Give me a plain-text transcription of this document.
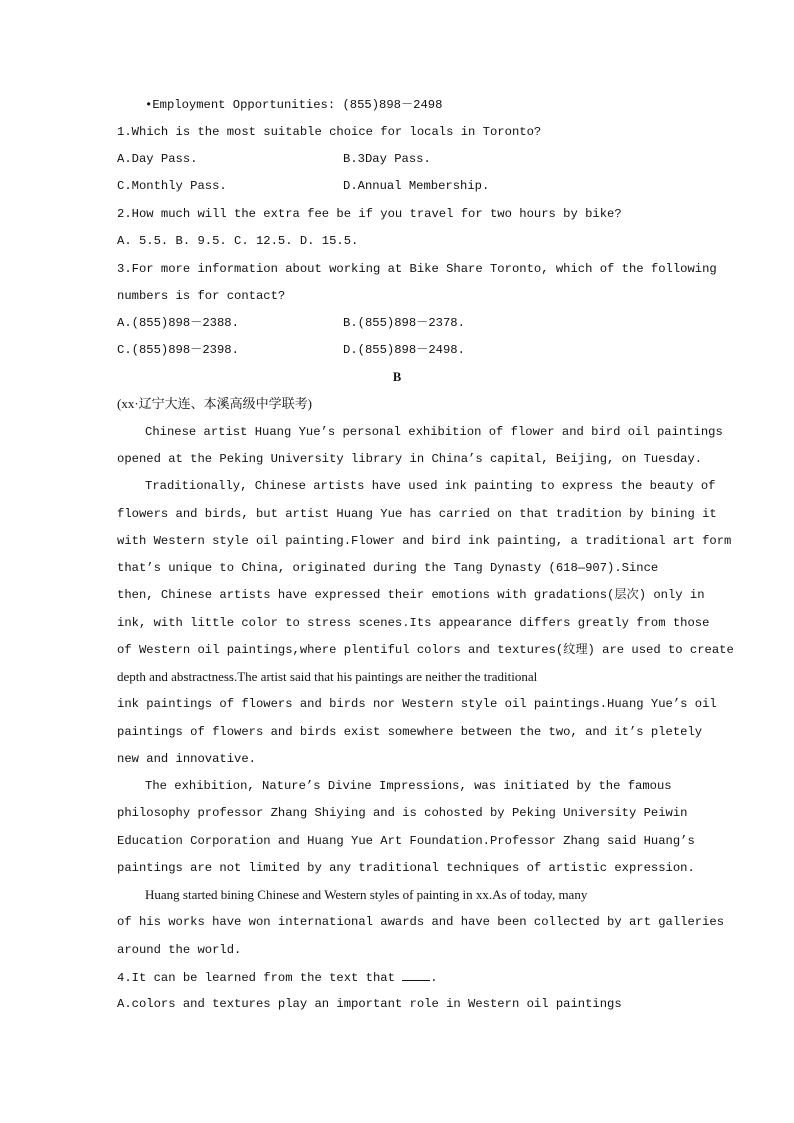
•Employment Opportunities: (855)898－2498
1.Which is the most suitable choice for locals in Toronto?
A.Day Pass.	B.3Day Pass.
C.Monthly Pass.	D.Annual Membership.
2.How much will the extra fee be if you travel for two hours by bike?
A. 5.5. B. 9.5. C. 12.5. D. 15.5.
3.For more information about working at Bike Share Toronto, which of the following
numbers is for contact?
A.(855)898－2388.	B.(855)898－2378.
C.(855)898－2398.	D.(855)898－2498.
B
(xx·辽宁大连、本溪高级中学联考)
Chinese artist Huang Yue’s personal exhibition of flower and bird oil paintings
opened at the Peking University library in China’s capital, Beijing, on Tuesday.
Traditionally, Chinese artists have used ink painting to express the beauty of
flowers and birds, but artist Huang Yue has carried on that tradition by bining it
with Western style oil painting.Flower and bird ink painting, a traditional art form
that’s unique to China, originated during the Tang Dynasty (618—907).Since
then, Chinese artists have expressed their emotions with gradations(层次) only in
ink, with little color to stress scenes.Its appearance differs greatly from those
of Western oil paintings,where plentiful colors and textures(纹理) are used to create
depth and abstractness.The artist said that his paintings are neither the traditional
ink paintings of flowers and birds nor Western style oil paintings.Huang Yue’s oil
paintings of flowers and birds exist somewhere between the two, and it’s pletely
new and innovative.
The exhibition, Nature’s Divine Impressions, was initiated by the famous
philosophy professor Zhang Shiying and is cohosted by Peking University Peiwin
Education Corporation and Huang Yue Art Foundation.Professor Zhang said Huang’s
paintings are not limited by any traditional techniques of artistic expression.
Huang started bining Chinese and Western styles of painting in xx.As of today, many
of his works have won international awards and have been collected by art galleries
around the world.
4.It can be learned from the text that .
A.colors and textures play an important role in Western oil paintings
